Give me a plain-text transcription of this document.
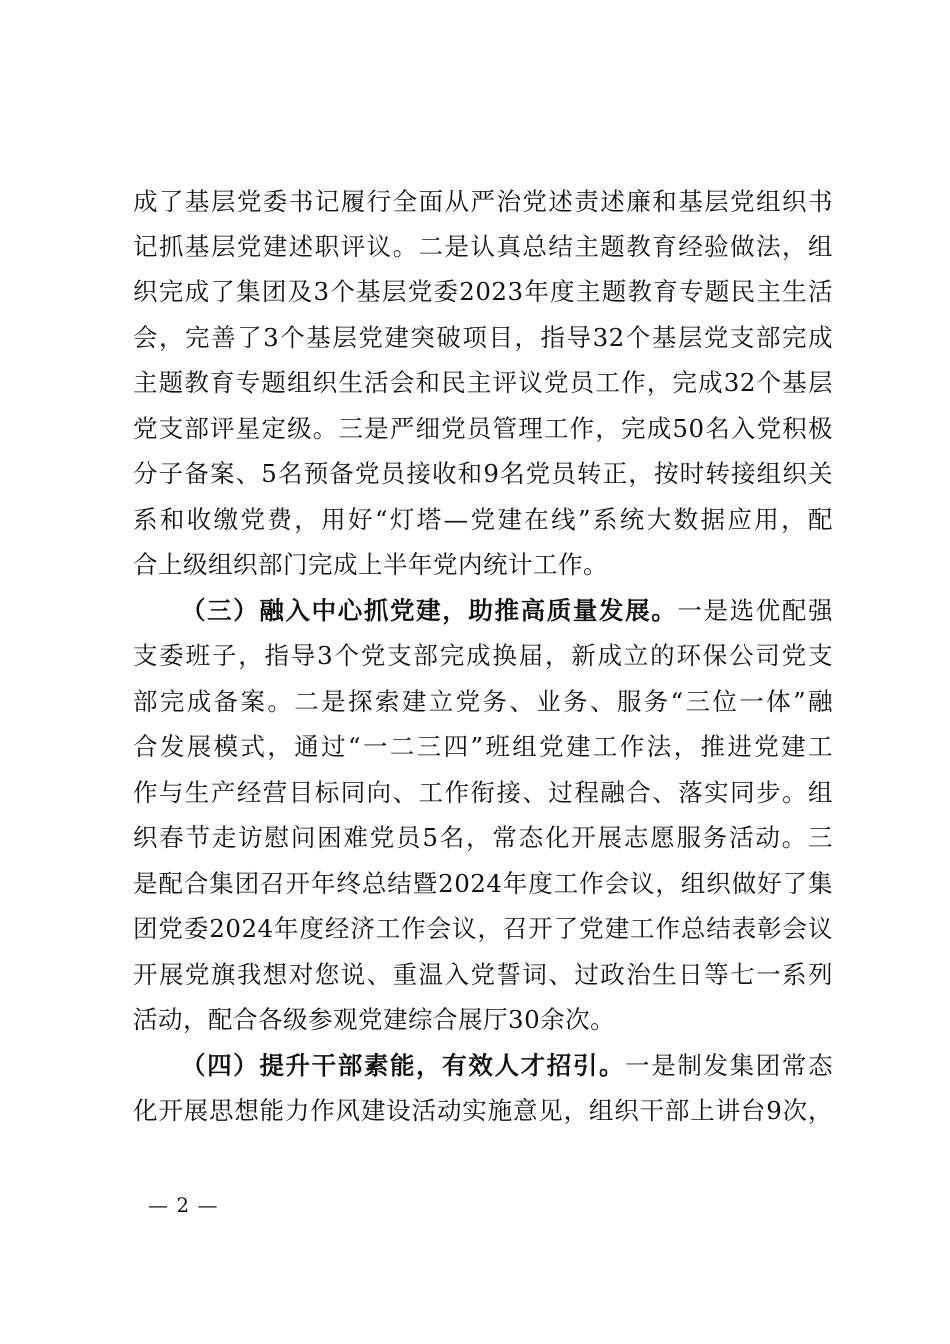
成了基层党委书记履行全面从严治党述责述廉和基层党组织书
记抓基层党建述职评议。二是认真总结主题教育经验做法，组
织完成了集团及3个基层党委2023年度主题教育专题民主生活
会，完善了3个基层党建突破项目，指导32个基层党支部完成
主题教育专题组织生活会和民主评议党员工作，完成32个基层
党支部评星定级。三是严细党员管理工作，完成50名入党积极
分子备案、5名预备党员接收和9名党员转正，按时转接组织关
系和收缴党费，用好“灯塔—党建在线”系统大数据应用，配
合上级组织部门完成上半年党内统计工作。
（三）融入中心抓党建，助推高质量发展。一是选优配强
支委班子，指导3个党支部完成换届，新成立的环保公司党支
部完成备案。二是探索建立党务、业务、服务“三位一体”融
合发展模式，通过“一二三四”班组党建工作法，推进党建工
作与生产经营目标同向、工作衔接、过程融合、落实同步。组
织春节走访慰问困难党员5名，常态化开展志愿服务活动。三
是配合集团召开年终总结暨2024年度工作会议，组织做好了集
团党委2024年度经济工作会议，召开了党建工作总结表彰会议
开展党旗我想对您说、重温入党誓词、过政治生日等七一系列
活动，配合各级参观党建综合展厅30余次。
（四）提升干部素能，有效人才招引。一是制发集团常态
化开展思想能力作风建设活动实施意见，组织干部上讲台9次，
— 2 —
